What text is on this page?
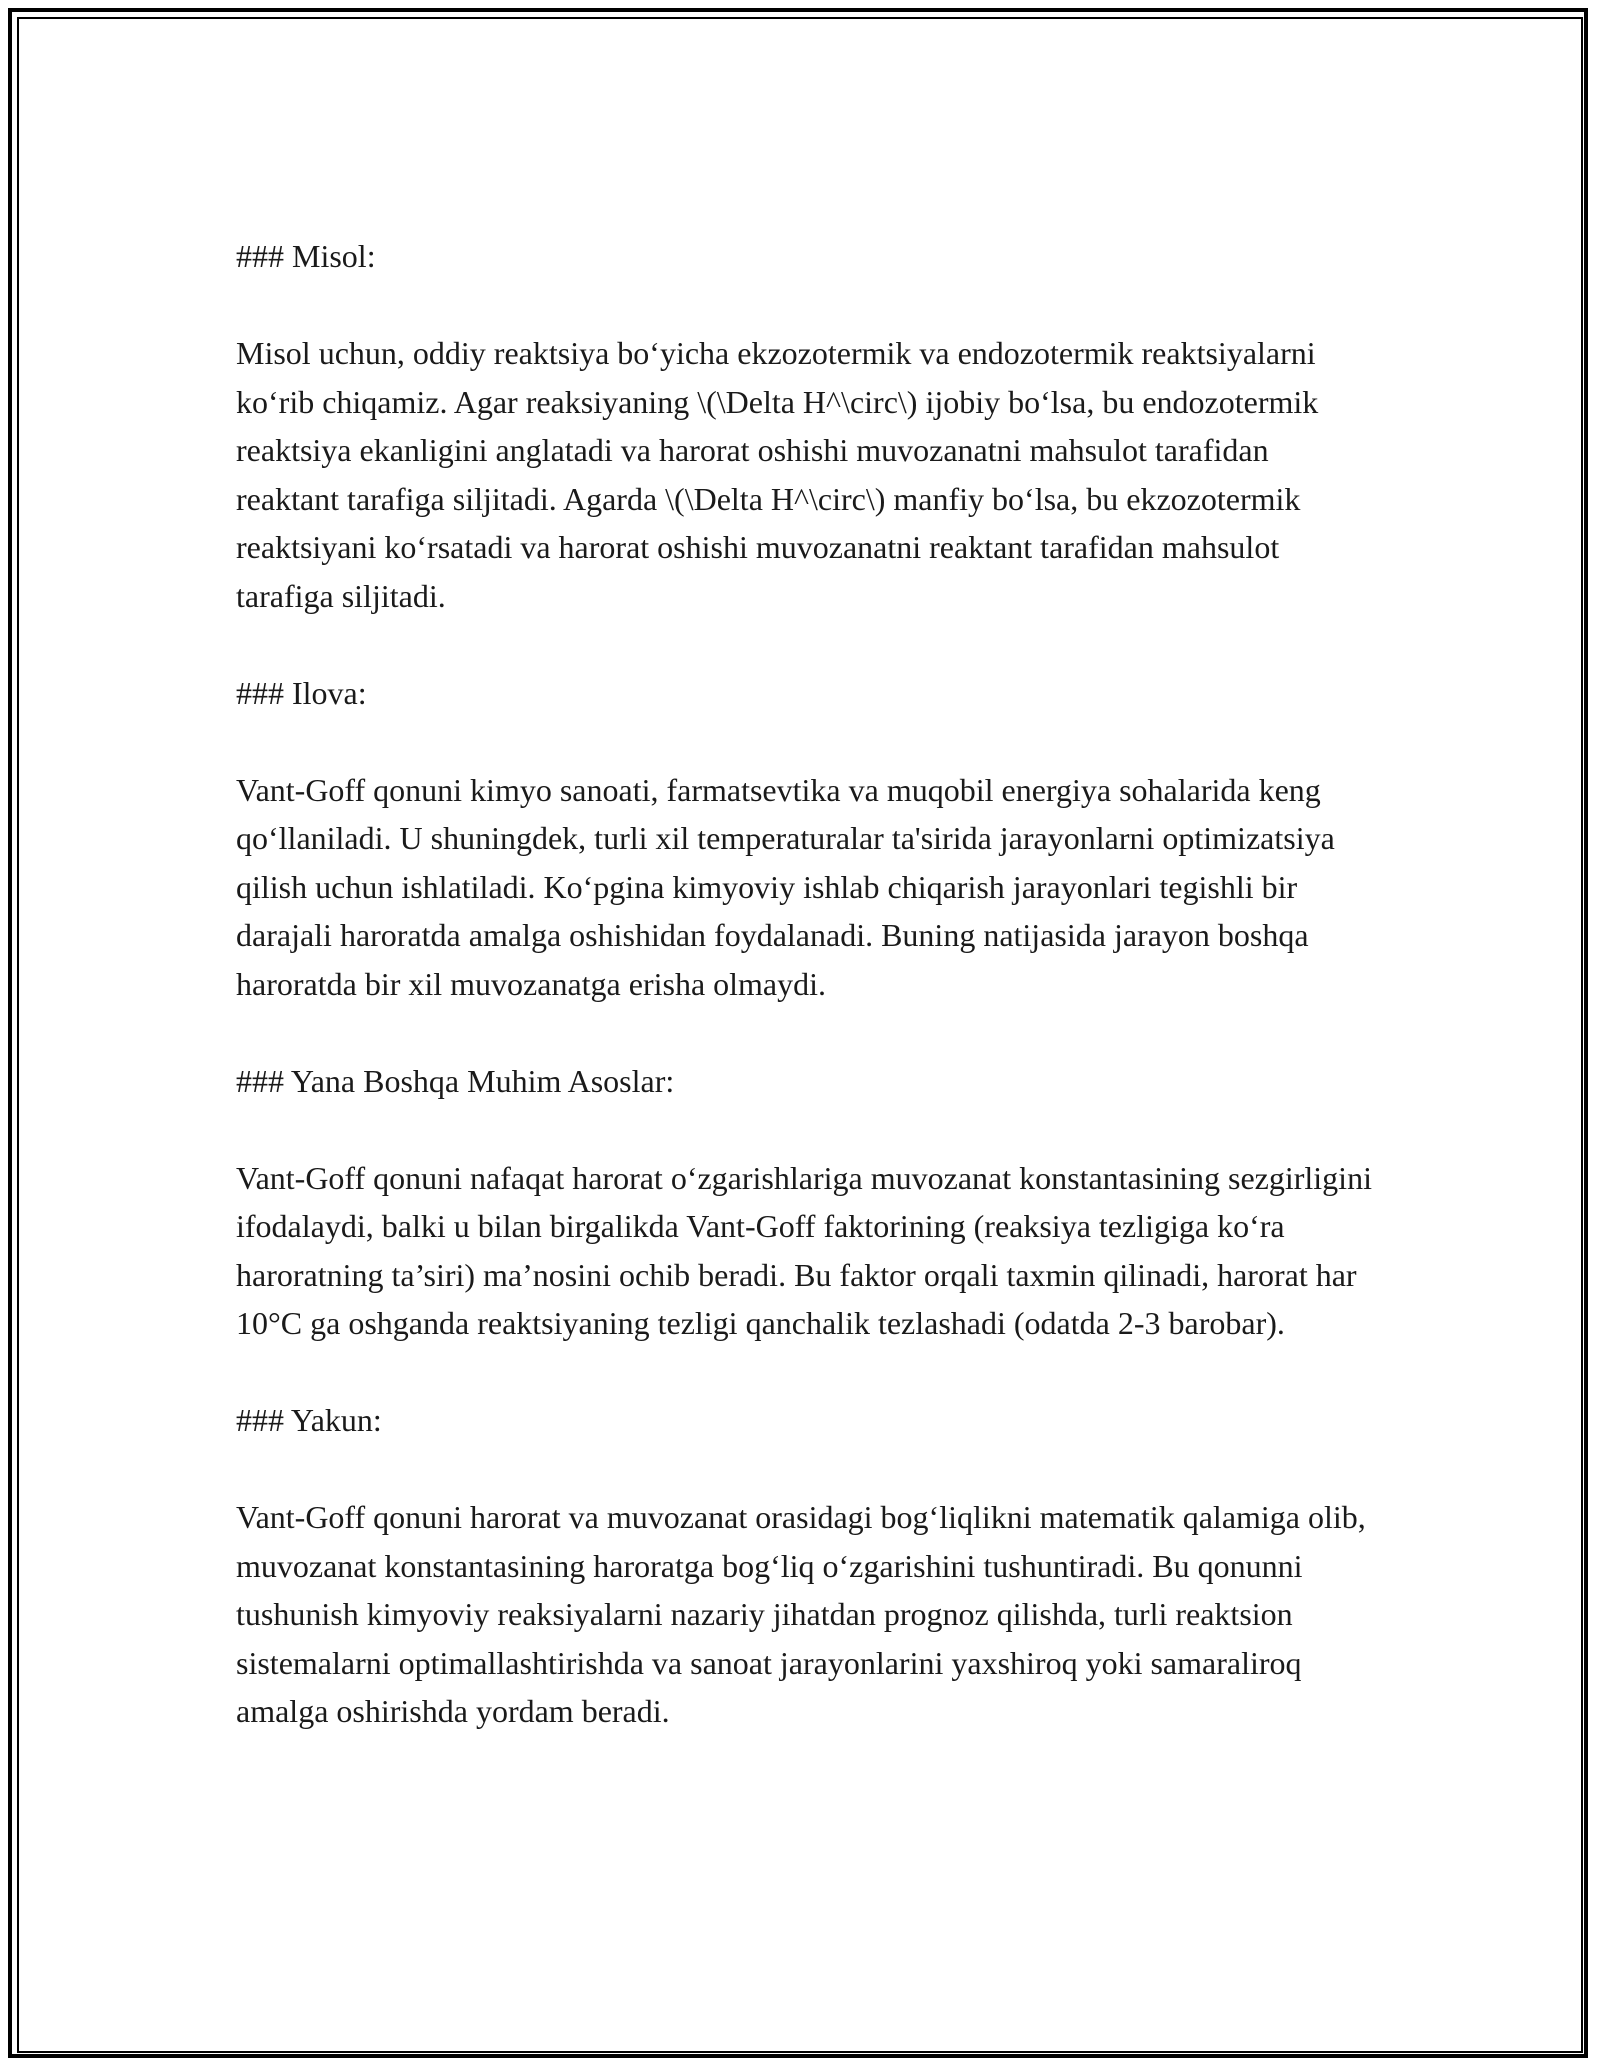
### Misol:

Misol uchun, oddiy reaktsiya bo‘yicha ekzozotermik va endozotermik reaktsiyalarni ko‘rib chiqamiz. Agar reaksiyaning \(\Delta H^\circ\) ijobiy bo‘lsa, bu endozotermik reaktsiya ekanligini anglatadi va harorat oshishi muvozanatni mahsulot tarafidan reaktant tarafiga siljitadi. Agarda \(\Delta H^\circ\) manfiy bo‘lsa, bu ekzozotermik reaktsiyani ko‘rsatadi va harorat oshishi muvozanatni reaktant tarafidan mahsulot tarafiga siljitadi.

### Ilova:

Vant-Goff qonuni kimyo sanoati, farmatsevtika va muqobil energiya sohalarida keng qo‘llaniladi. U shuningdek, turli xil temperaturalar ta'sirida jarayonlarni optimizatsiya qilish uchun ishlatiladi. Ko‘pgina kimyoviy ishlab chiqarish jarayonlari tegishli bir darajali haroratda amalga oshishidan foydalanadi. Buning natijasida jarayon boshqa haroratda bir xil muvozanatga erisha olmaydi.

### Yana Boshqa Muhim Asoslar:

Vant-Goff qonuni nafaqat harorat o‘zgarishlariga muvozanat konstantasining sezgirligini ifodalaydi, balki u bilan birgalikda Vant-Goff faktorining (reaksiya tezligiga ko‘ra haroratning ta’siri) ma’nosini ochib beradi. Bu faktor orqali taxmin qilinadi, harorat har 10°C ga oshganda reaktsiyaning tezligi qanchalik tezlashadi (odatda 2-3 barobar).

### Yakun:

Vant-Goff qonuni harorat va muvozanat orasidagi bog‘liqlikni matematik qalamiga olib, muvozanat konstantasining haroratga bog‘liq o‘zgarishini tushuntiradi. Bu qonunni tushunish kimyoviy reaksiyalarni nazariy jihatdan prognoz qilishda, turli reaktsion sistemalarni optimallashtirishda va sanoat jarayonlarini yaxshiroq yoki samaraliroq amalga oshirishda yordam beradi.
